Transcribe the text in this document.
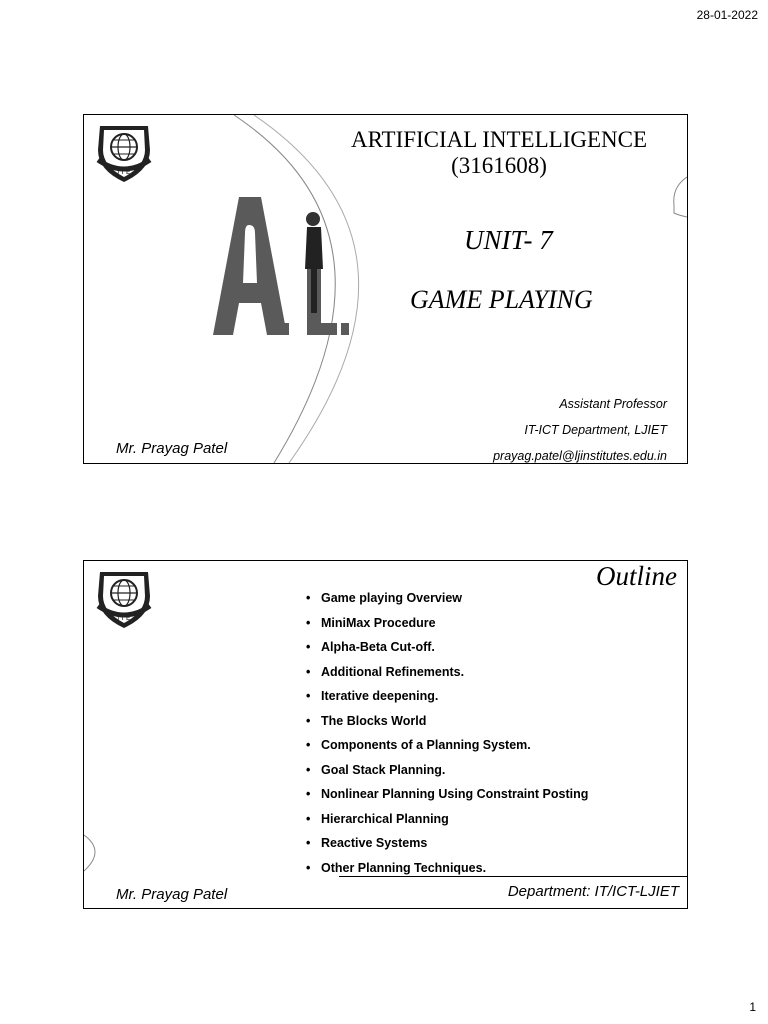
28-01-2022
L J I E T
ARTIFICIAL INTELLIGENCE
(3161608)
UNIT- 7
GAME PLAYING
Assistant Professor
IT-ICT Department, LJIET
prayag.patel@ljinstitutes.edu.in
Mr. Prayag Patel
L J I E T
Outline
• Game playing Overview
• MiniMax Procedure
• Alpha-Beta Cut-off.
• Additional Refinements.
• Iterative deepening.
• The Blocks World
• Components of a Planning System.
• Goal Stack Planning.
• Nonlinear Planning Using Constraint Posting
• Hierarchical Planning
• Reactive Systems
• Other Planning Techniques.
Mr. Prayag Patel	Department: IT/ICT-LJIET
1
